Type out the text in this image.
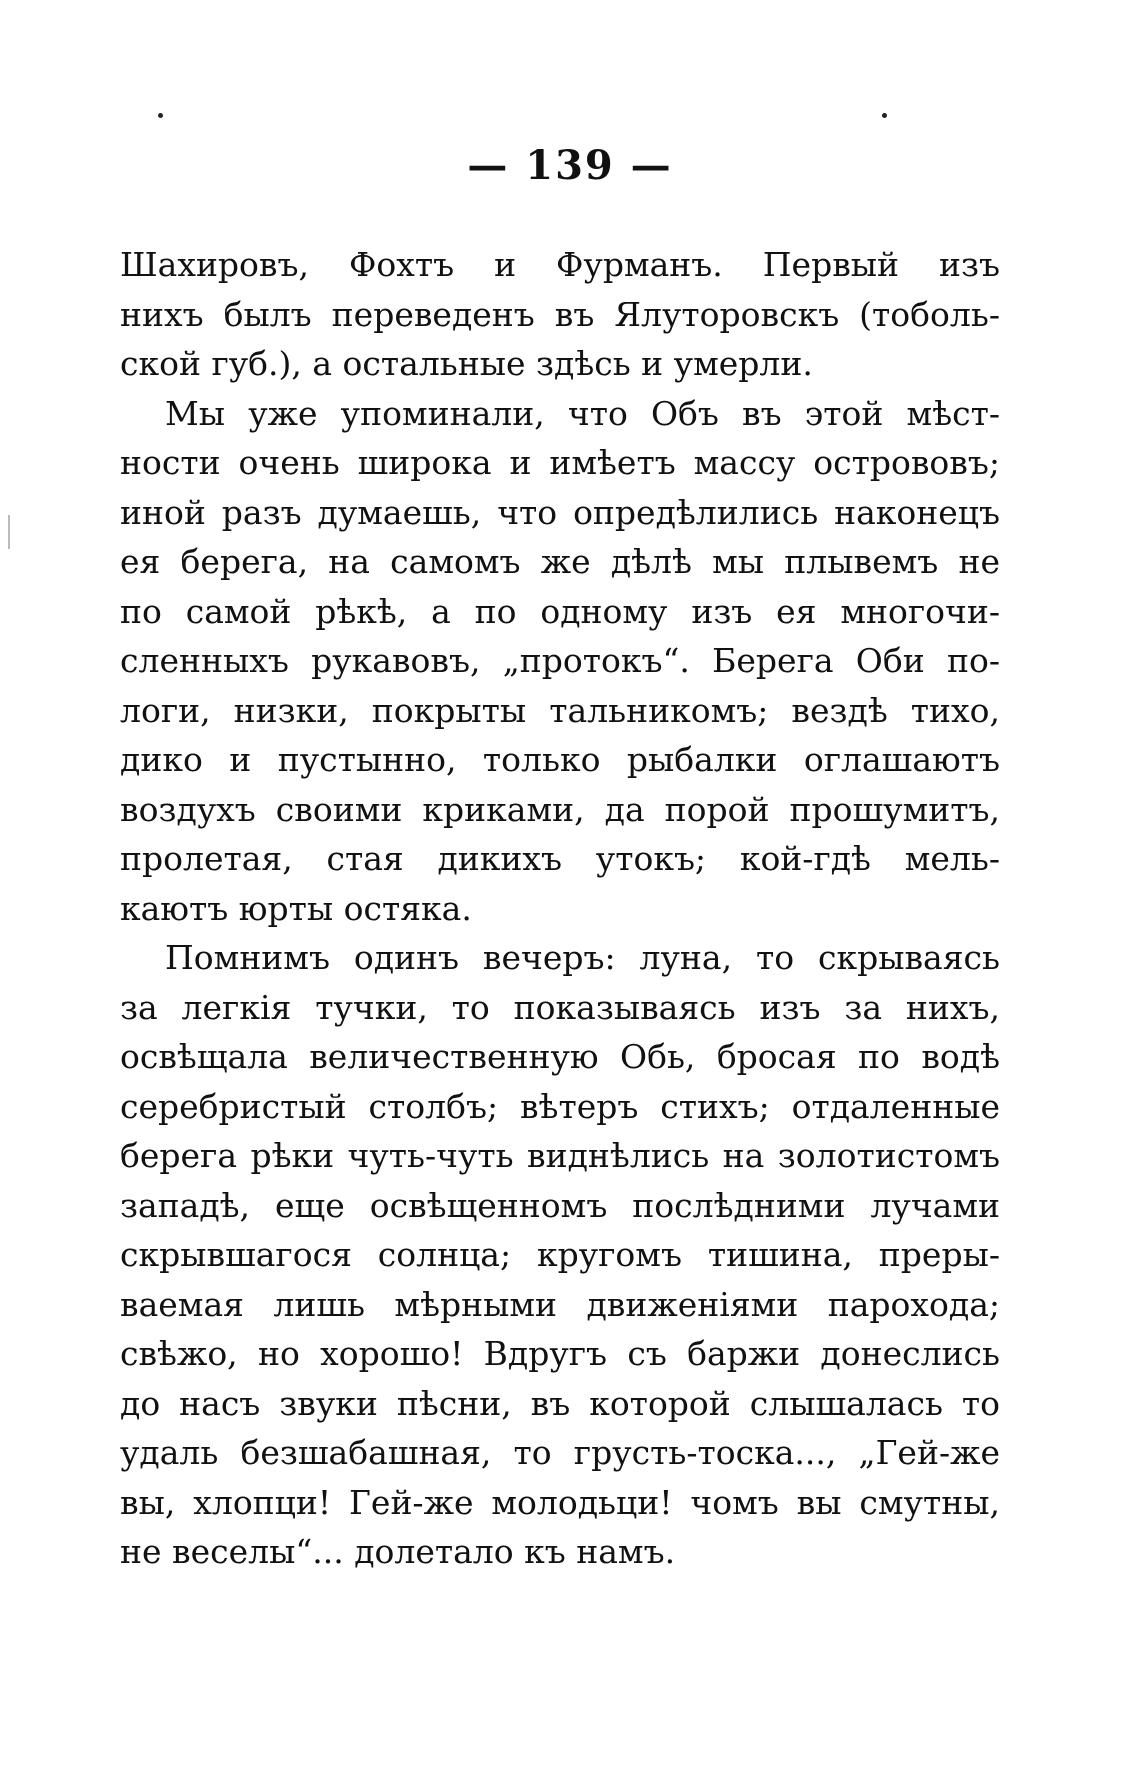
— 139 —
Шахировъ, Фохтъ и Фурманъ. Первый изъ
нихъ былъ переведенъ въ Ялуторовскъ (тоболь-
ской губ.), а остальные здѣсь и умерли.
Мы уже упоминали, что Объ въ этой мѣст-
ности очень широка и имѣетъ массу острововъ;
иной разъ думаешь, что опредѣлились наконецъ
ея берега, на самомъ же дѣлѣ мы плывемъ не
по самой рѣкѣ, а по одному изъ ея многочи-
сленныхъ рукавовъ, „протокъ“. Берега Оби по-
логи, низки, покрыты тальникомъ; вездѣ тихо,
дико и пустынно, только рыбалки оглашаютъ
воздухъ своими криками, да порой прошумитъ,
пролетая, стая дикихъ утокъ; кой-гдѣ мель-
каютъ юрты остяка.
Помнимъ одинъ вечеръ: луна, то скрываясь
за легкія тучки, то показываясь изъ за нихъ,
освѣщала величественную Обь, бросая по водѣ
серебристый столбъ; вѣтеръ стихъ; отдаленные
берега рѣки чуть-чуть виднѣлись на золотистомъ
западѣ, еще освѣщенномъ послѣдними лучами
скрывшагося солнца; кругомъ тишина, преры-
ваемая лишь мѣрными движеніями парохода;
свѣжо, но хорошо! Вдругъ съ баржи донеслись
до насъ звуки пѣсни, въ которой слышалась то
удаль безшабашная, то грусть-тоска..., „Гей-же
вы, хлопци! Гей-же молодьци! чомъ вы смутны,
не веселы“... долетало къ намъ.
